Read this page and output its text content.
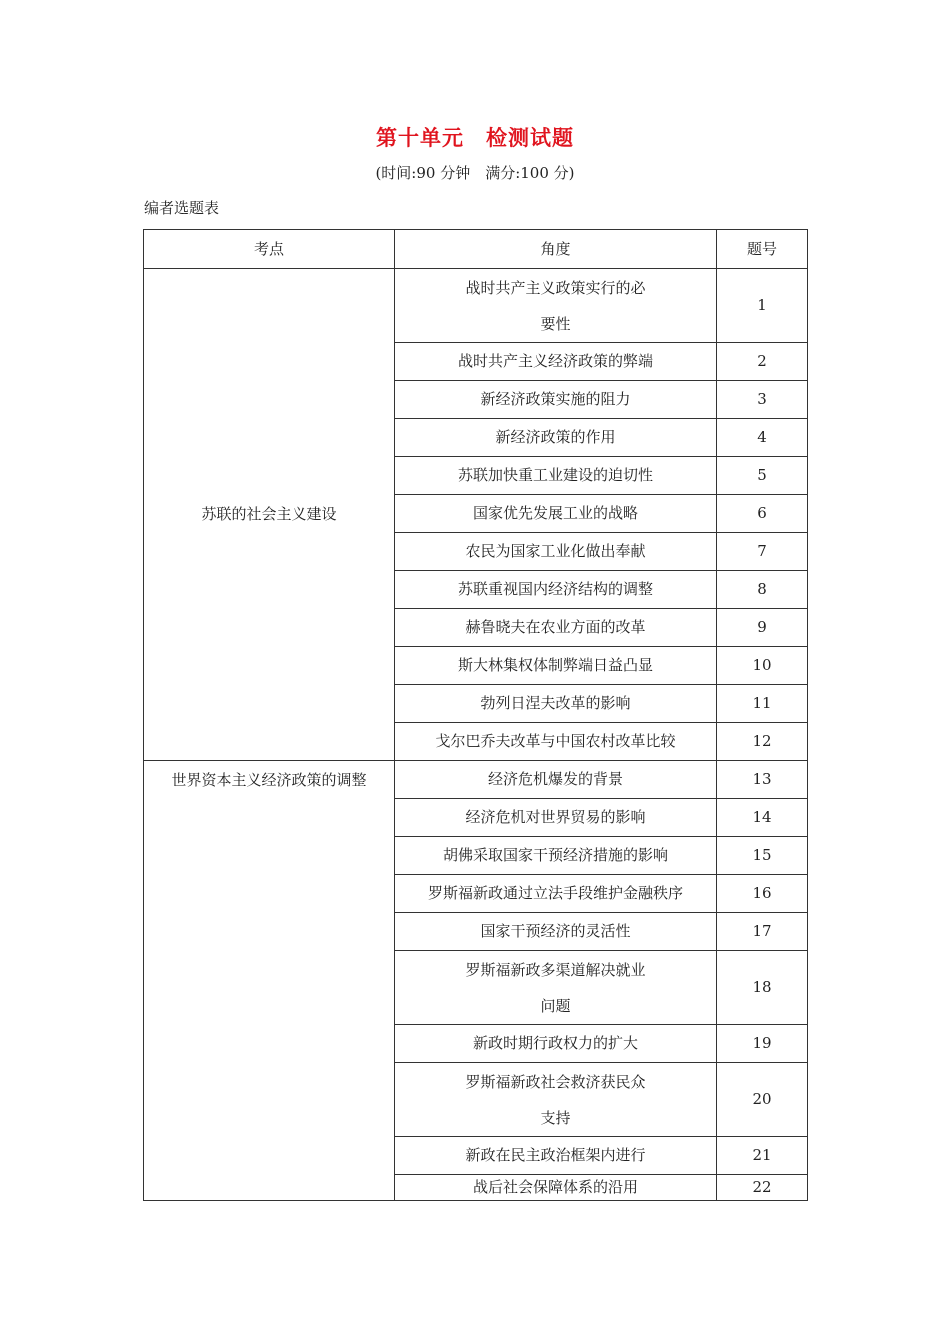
第十单元　检测试题
(时间:90 分钟　满分:100 分)
编者选题表
考点	角度	题号
苏联的社会主义建设	战时共产主义政策实行的必
要性	1
	战时共产主义经济政策的弊端	2
	新经济政策实施的阻力	3
	新经济政策的作用	4
	苏联加快重工业建设的迫切性	5
	国家优先发展工业的战略	6
	农民为国家工业化做出奉献	7
	苏联重视国内经济结构的调整	8
	赫鲁晓夫在农业方面的改革	9
	斯大林集权体制弊端日益凸显	10
	勃列日涅夫改革的影响	11
	戈尔巴乔夫改革与中国农村改革比较	12
世界资本主义经济政策的调整	经济危机爆发的背景	13
	经济危机对世界贸易的影响	14
	胡佛采取国家干预经济措施的影响	15
	罗斯福新政通过立法手段维护金融秩序	16
	国家干预经济的灵活性	17

	罗斯福新政多渠道解决就业
问题	18
	新政时期行政权力的扩大	19

	罗斯福新政社会救济获民众
支持	20
	新政在民主政治框架内进行	21
	战后社会保障体系的沿用	22
